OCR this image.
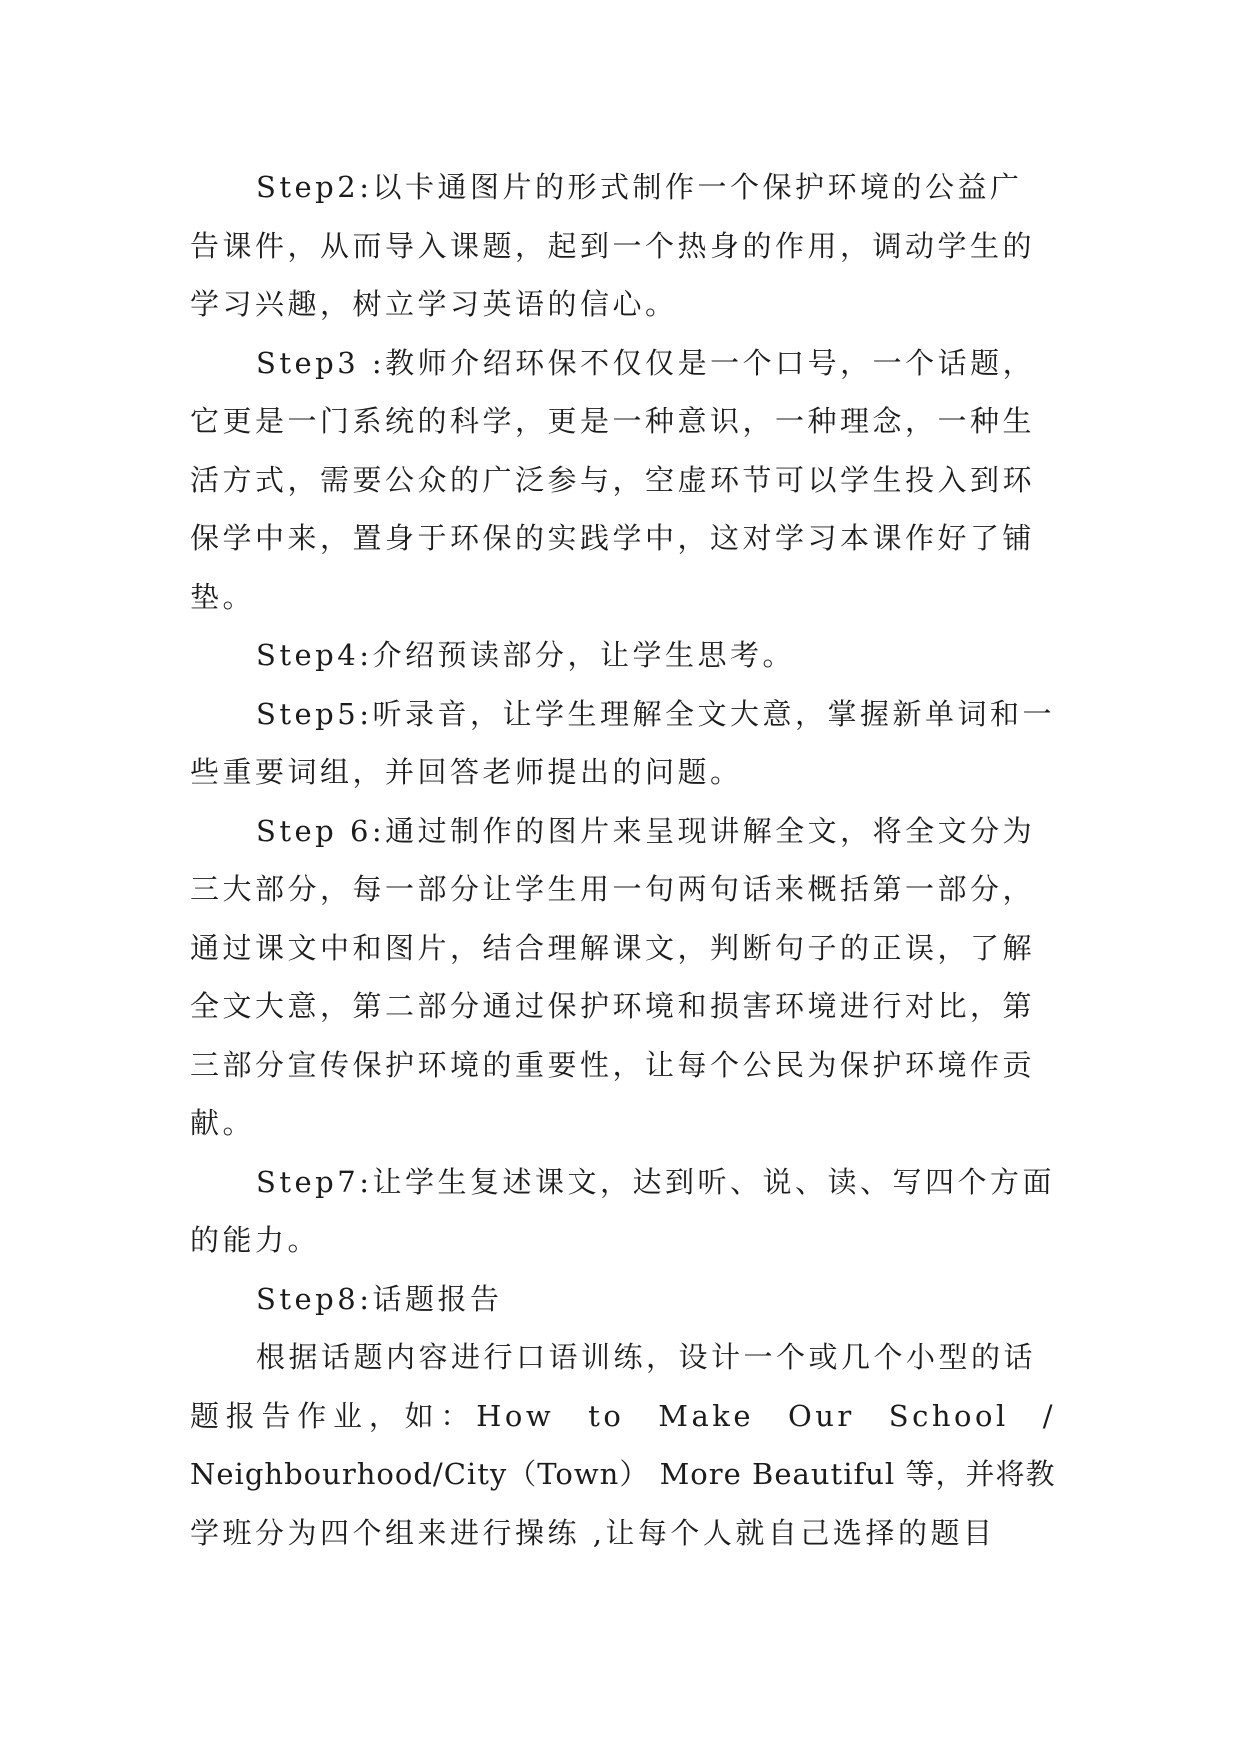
Step2:以卡通图片的形式制作一个保护环境的公益广
告课件，从而导入课题，起到一个热身的作用，调动学生的
学习兴趣，树立学习英语的信心。

Step3 :教师介绍环保不仅仅是一个口号，一个话题，
它更是一门系统的科学，更是一种意识，一种理念，一种生
活方式，需要公众的广泛参与，空虚环节可以学生投入到环
保学中来，置身于环保的实践学中，这对学习本课作好了铺
垫。

Step4:介绍预读部分，让学生思考。

Step5:听录音，让学生理解全文大意，掌握新单词和一
些重要词组，并回答老师提出的问题。

Step 6:通过制作的图片来呈现讲解全文，将全文分为
三大部分，每一部分让学生用一句两句话来概括第一部分，
通过课文中和图片，结合理解课文，判断句子的正误，了解
全文大意，第二部分通过保护环境和损害环境进行对比，第
三部分宣传保护环境的重要性，让每个公民为保护环境作贡
献。

Step7:让学生复述课文，达到听、说、读、写四个方面
的能力。

Step8:话题报告

根据话题内容进行口语训练，设计一个或几个小型的话
题报告作业，如：How to Make Our School /
Neighbourhood/City（Town） More Beautiful 等，并将教
学班分为四个组来进行操练 ,让每个人就自己选择的题目
